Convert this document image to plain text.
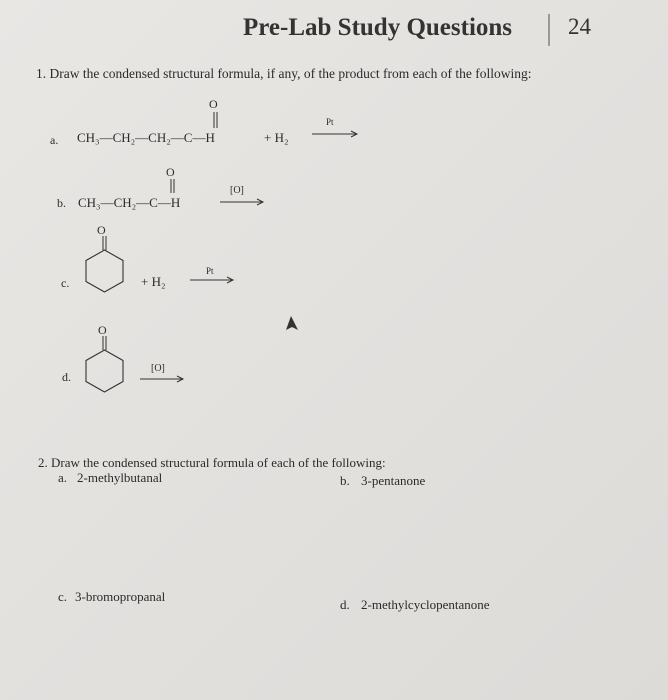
Pre-Lab Study Questions 24
1. Draw the condensed structural formula, if any, of the product from each of the following:
a. CH₃—CH₂—CH₂—C—H
O
+ H₂
Pt
b. CH₃—CH₂—C—H
O
[O]
c.
O
+ H₂
Pt
d.
O
[O]
2. Draw the condensed structural formula of each of the following:
a. 2-methylbutanal	b. 3-pentanone
c. 3-bromopropanal
d. 2-methylcyclopentanone
